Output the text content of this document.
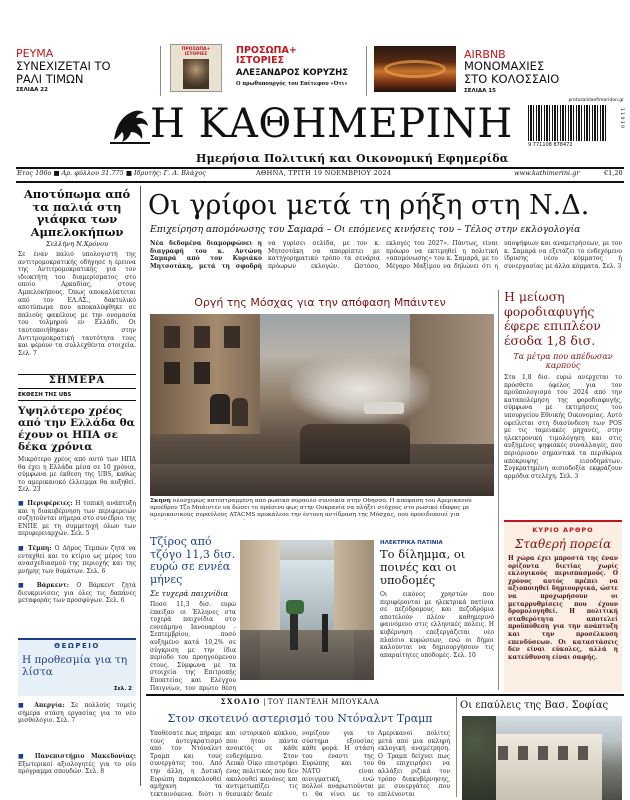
ΡΕΥΜΑ
ΣΥΝΕΧΙΖΕΤΑΙ ΤΟ ΡΑΛΙ ΤΙΜΩΝ
ΣΕΛΙΔΑ 22
ΠΡΟΣΩΠΑ+ ΙΣΤΟΡΙΕΣ	ΠΡΟΣΩΠΑ+ ΙΣΤΟΡΙΕΣ
ΑΛΕΞΑΝΔΡΟΣ ΚΟΡΥΖΗΣ
Ο πρωθυπουργός του Επίτεφου «Ότι»
AIRBNB
ΜΟΝΟΜΑΧΙΕΣ ΣΤΟ ΚΟΛΟΣΣΑΙΟ
ΣΕΛΙΔΑ 15
Η ΚΑΘΗΜΕΡΙΝΗ
Ημερήσια Πολιτική και Οικονομική Εφημερίδα
protosalidaefimeridon.gr
9 771108 878472
1 1 9 1 9
Έτος 106ο ■ Αρ. φύλλου 31.775 ■ Ιδρυτής: Γ. Α. Βλάχος	ΑΘΗΝΑ, ΤΡΙΤΗ 19 ΝΟΕΜΒΡΙΟΥ 2024	www.kathimerini.gr	€1,20
Αποτύπωμα από τα παλιά στη γιάφκα των Αμπελοκήπων
Σελλήνη Ν.Χρόνου
Σε έναν παλιό υπολογιστή της αντιτρομοκρατικής οδήγησε η έρευνα της Αντιτρομοκρατικής για τον ιδιοκτήτη του διαμερίσματος στο οποίο Αρκαδίας, στους Αμπελοκήπους. Όπως αποκαλύπτεται από τον ΕΛ.ΑΣ., δακτυλικό αποτύπωμα που αποκαλύφθηκε σε παλιούς φακέλους με την ονομασία του τολμηρού εν Ελλάδι. Οι ταυτοποιήθηκαν στην Αντιτρομοκρατική ταυτότητα τους και φέρουν τα συλλεχθέντα στοιχεία. Σελ. 7
ΣΗΜΕΡΑ
ΕΚΘΕΣΗ ΤΗΣ UBS
Υψηλότερο χρέος από την Ελλάδα θα έχουν οι ΗΠΑ σε δέκα χρόνια
Μικρότερο χρέος από αυτό των ΗΠΑ θα έχει η Ελλάδα μέσα σε 10 χρόνια, σύμφωνα με έκθεση της UBS, καθώς το αμερικανικό έλλειμμα θα αυξηθεί. Σελ. 23
■ Περιφέρειες: Η τοπική ανάπτυξη και η διακυβέρνηση των περιφερειών συζητούνται σήμερα στο συνέδριο της ΕΝΠΕ με τη συμμετοχή όλων των περιφερειαρχών. Σελ. 5
■ Τέμπη: Ο Δήμος Τεμπών ζητά να ενταχθεί και το κτίριο ως μέρος του ανασχεδιασμού της περιοχής και της μνήμης των θυμάτων. Σελ. 6
■ Βάρκεντ: Ο Βάρκεντ ζητά διευκρινίσεις για όλες τις δαπάνες μεταφοράς των προσφύγων. Σελ. 6
ΘΕΩΡΕΙΟ
Η προθεσμία για τη λίστα
Σελ. 2
■ Απεργία: Σε πολλούς τομείς σήμερα στάση εργασίας για το νέο μισθολόγιο. Σελ. 7
■ Πανεπιστήμιο Μακεδονίας: Εξωτερικοί αξιολογητές για το νέο πρόγραμμα σπουδών. Σελ. 8
Οι γρίφοι μετά τη ρήξη στη Ν.Δ.
Επιχείρηση απομόνωσης του Σαμαρά – Οι επόμενες κινήσεις του – Τέλος στην εκλογολογία
Νέα δεδομένα διαμορφώνει η διαγραφή του κ. Αντώνη Σαμαρά από τον Κυριάκο Μητσοτάκη, μετά τη σφοδρή
να γυρίσει σελίδα, με τον κ. Μητσοτάκη να απορρίπτει με κατηγορηματικό τρόπο τα σενάρια πρόωρων εκλογών. Ωστόσο,
εκλογές του 2027». Πάντως, είναι πρόωρο να εκτιμηθεί η πολιτική «απομόνωσης» του κ. Σαμαρά, με το Μέγαρο Μαξίμου να δηλώνει ότι η
υποψήφιων και αναμετρήσεων, με τον κ. Σαμαρά να εξετάζει το ενδεχόμενο ίδρυσης νέου κόμματος ή συνεργασίας με άλλα κόμματα. Σελ. 3
Οργή της Μόσχας για την απόφαση Μπάιντεν
Σκηνή ολοσχερώς κατεστραμμένη από ρωσικό πύραυλο συνοικία στην Οδησσό. Η απόφαση του Αμερικανού προέδρου Τζο Μπάιντεν να δώσει το πράσινο φως στην Ουκρανία να πλήξει στόχους στο ρωσικό έδαφος με αμερικανικούς πυραύλους ATACMS προκάλεσε την έντονη αντίδραση της Μόσχας, που προειδοποιεί για
Η μείωση φοροδιαφυγής έφερε επιπλέον έσοδα 1,8 δισ.
Τα μέτρα που απέδωσαν καρπούς
Στα 1,8 δισ. ευρώ ανέρχεται το πρόσθετο όφελος για τον προϋπολογισμό του 2024 από την καταπολέμηση της φοροδιαφυγής, σύμφωνα με εκτιμήσεις του υπουργείου Εθνικής Οικονομίας. Αυτό οφείλεται στη διασύνδεση των POS με τις ταμειακές μηχανές, στην ηλεκτρονική τιμολόγηση και στις αυξημένες ψηφιακές συναλλαγές, που περιόρισαν σημαντικά τα περιθώρια απόκρυψης εισοδημάτων. Συγκρατημένη αισιοδοξία εκφράζουν αρμόδια στελέχη. Σελ. 3
ΚΥΡΙΟ ΑΡΘΡΟ
Σταθερή πορεία
Η χώρα έχει μπροστά της έναν ορίζοντα διετίας χωρίς εκλογικούς περισπασμούς. Ο χρόνος αυτός πρέπει να αξιοποιηθεί δημιουργικά, ώστε να προχωρήσουν οι μεταρρυθμίσεις που έχουν δρομολογηθεί. Η πολιτική σταθερότητα αποτελεί προϋπόθεση για την ανάπτυξη και την προσέλκυση επενδύσεων. Οι καταστάσεις δεν είναι εύκολες, αλλά η κατεύθυνση είναι σαφής.
Τζίρος από τζόγο 11,3 δισ. ευρώ σε εννέα μήνες
Σε τυχερά παιχνίδια
Ποσό 11,3 δισ. ευρώ έπαιξαν οι Έλληνες στα τυχερά παιχνίδια στο εννεάμηνο Ιανουαρίου - Σεπτεμβρίου, ποσό αυξημένο κατά 10,2% σε σύγκριση με την ίδια περίοδο του προηγούμενου έτους. Σύμφωνα με τα στοιχεία της Επιτροπής Εποπτείας και Ελέγχου Παιγνίων, τον πρώτο θέση
ΗΛΕΚΤΡΙΚΑ ΠΑΤΙΝΙΑ
Το δίλημμα, οι ποινές και οι υποδομές
Οι εικόνες χρηστών που περιφέρονται με ηλεκτρικά πατίνια σε πεζόδρομους και πεζοδρόμια αποτελούν πλέον καθημερινό φαινόμενο στις ελληνικές πόλεις. Η κυβέρνηση επεξεργάζεται νέο πλαίσιο κυρώσεων, ενώ οι δήμοι καλούνται να δημιουργήσουν τις απαραίτητες υποδομές. Σελ. 10
ΣΧΟΛΙΟ | ΤΟΥ ΠΑΝΤΕΛΗ ΜΠΟΥΚΑΛΑ
Στον σκοτεινό αστερισμό του Ντόναλντ Τραμπ
Υποθέσατε πως πήραμε τους άντεγκρατισμό από τον Ντόναλντ Τραμπ και τους συνεργάτες του. Από την άλλη, η Δυτική Ευρώπη παρακολουθεί αμήχανη τα τεκταινόμενα, διότι η
και ιστορικού κύκλου, που ήταν πάντα ανοικτός σε κάθε ενδεχόμενο. Στον Λευκό Οίκο επιστρέφει ένας πολιτικός που δεν ακολουθεί κανόνες και αντιμετωπίζει τις θεσμικές δομές
νομίζουν για το σύστημα εξουσίας κάθε φορά. Η στάση του έναντι της Ευρώπης και του ΝΑΤΟ είναι αινιγματική, ενώ πολλοί αναρωτιούνται τι θα γίνει με το
Αμερικανοί πολίτες μετά από μια σκληρή εκλογική αναμέτρηση. Ο Τραμπ δείχνει πως θα επιχειρήσει να αλλάξει ριζικά τον τρόπο διακυβέρνησης, με συνεργάτες που επιλέγονται
Οι επαύλεις της Βασ. Σοφίας
